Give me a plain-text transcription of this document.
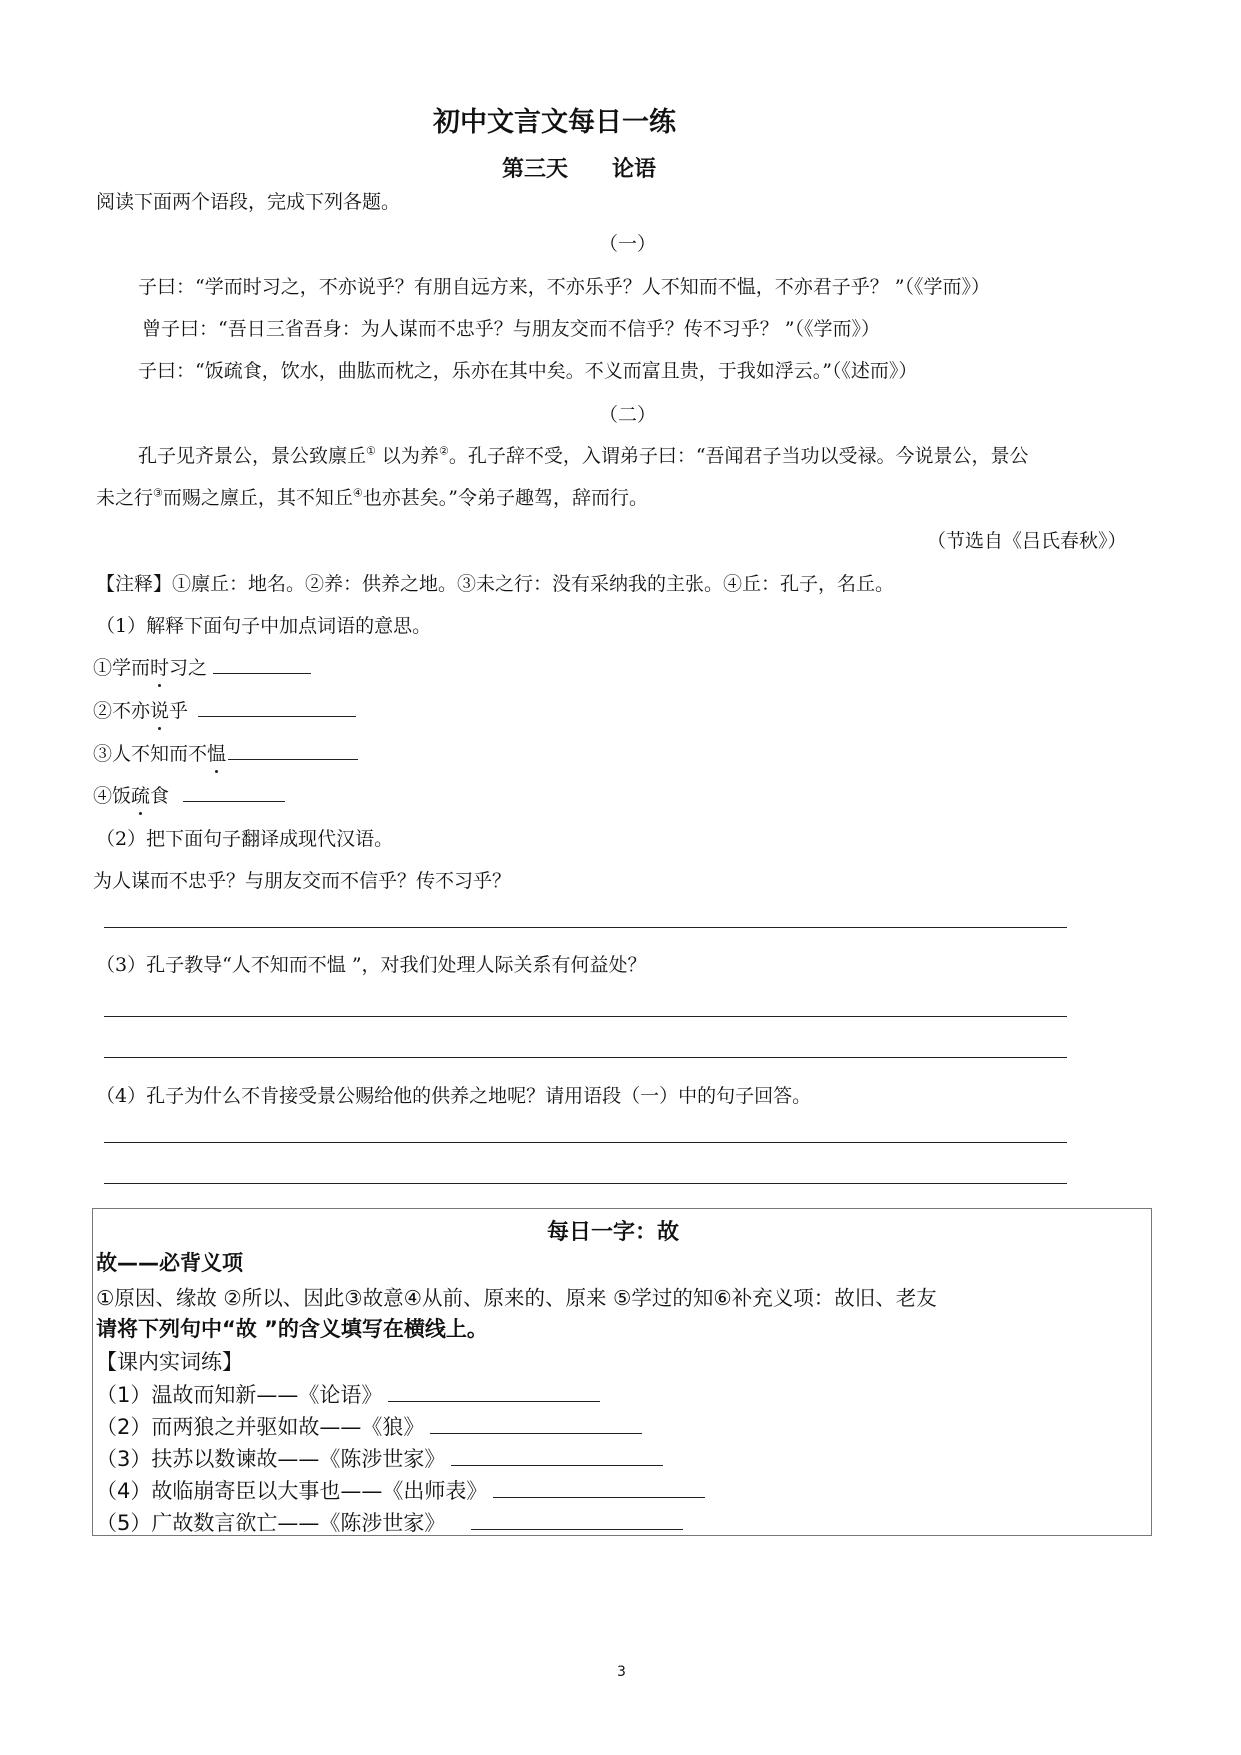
初中文言文每日一练
第三天　　论语
阅读下面两个语段，完成下列各题。
（一）
子曰：“学而时习之，不亦说乎？有朋自远方来，不亦乐乎？人不知而不愠，不亦君子乎？ ”（《学而》）
曾子曰：“吾日三省吾身：为人谋而不忠乎？与朋友交而不信乎？传不习乎？ ”（《学而》）
子曰：“饭疏食，饮水，曲肱而枕之，乐亦在其中矣。不义而富且贵，于我如浮云。”（《述而》）
（二）
孔子见齐景公，景公致廪丘① 以为养②。孔子辞不受，入谓弟子曰：“吾闻君子当功以受禄。今说景公，景公
未之行③而赐之廪丘，其不知丘④也亦甚矣。”令弟子趣驾，辞而行。
（节选自《吕氏春秋》）
【注释】①廪丘：地名。②养：供养之地。③未之行：没有采纳我的主张。④丘：孔子，名丘。
（1）解释下面句子中加点词语的意思。
①学而时习之
②不亦说乎
③人不知而不愠
④饭疏食
（2）把下面句子翻译成现代汉语。
为人谋而不忠乎？与朋友交而不信乎？传不习乎？
（3）孔子教导“人不知而不愠 ”，对我们处理人际关系有何益处？
（4）孔子为什么不肯接受景公赐给他的供养之地呢？请用语段（一）中的句子回答。
每日一字：故
故——必背义项
①原因、缘故 ②所以、因此③故意④从前、原来的、原来 ⑤学过的知⑥补充义项：故旧、老友
请将下列句中“故 ”的含义填写在横线上。
【课内实词练】
（1）温故而知新——《论语》
（2）而两狼之并驱如故——《狼》
（3）扶苏以数谏故——《陈涉世家》
（4）故临崩寄臣以大事也——《出师表》
（5）广故数言欲亡——《陈涉世家》
3
